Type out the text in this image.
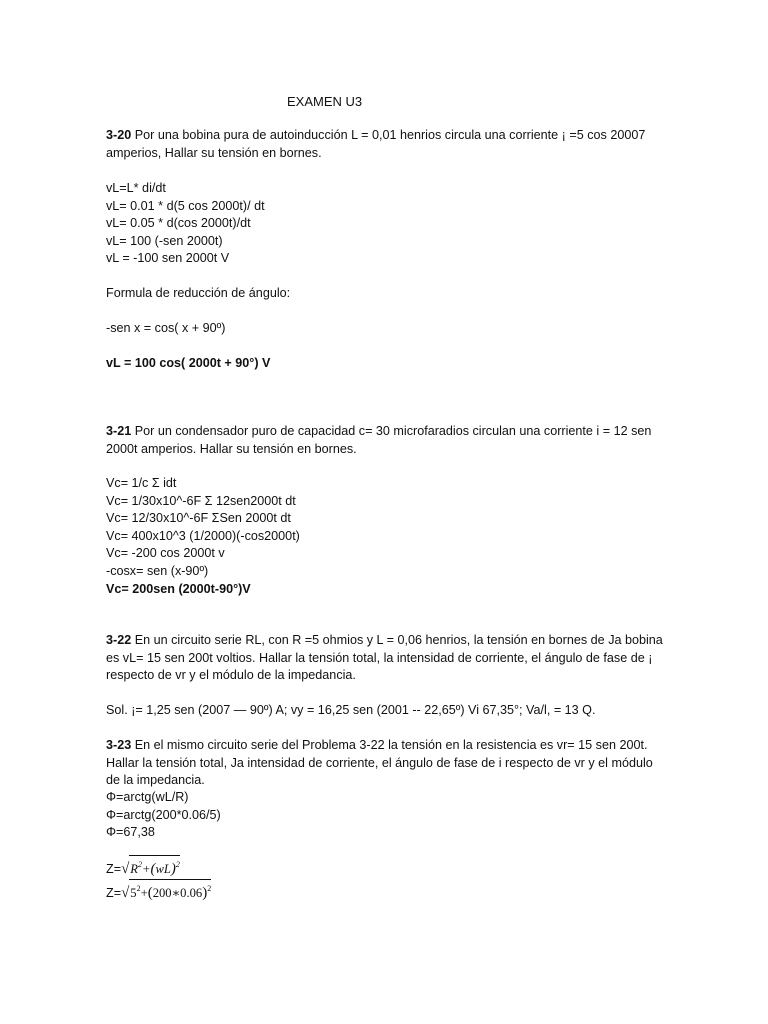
EXAMEN U3
3-20 Por una bobina pura de autoinducción L = 0,01 henrios circula una corriente ¡ =5 cos 20007 amperios, Hallar su tensión en bornes.
vL=L* di/dt
vL= 0.01 * d(5 cos 2000t)/ dt
vL= 0.05 * d(cos 2000t)/dt
vL= 100 (-sen 2000t)
vL = -100 sen 2000t V
Formula de reducción de ángulo:
-sen x = cos( x + 90º)
vL = 100 cos( 2000t + 90°) V
3-21 Por un condensador puro de capacidad c= 30 microfaradios circulan una corriente i = 12 sen 2000t amperios. Hallar su tensión en bornes.
Vc= 1/c Σ idt
Vc= 1/30x10^-6F Σ 12sen2000t dt
Vc= 12/30x10^-6F ΣSen 2000t dt
Vc= 400x10^3 (1/2000)(-cos2000t)
Vc= -200 cos 2000t v
-cosx= sen (x-90º)
Vc= 200sen (2000t-90°)V
3-22 En un circuito serie RL, con R =5 ohmios y L = 0,06 henrios, la tensión en bornes de Ja bobina es vL= 15 sen 200t voltios. Hallar la tensión total, la intensidad de corriente, el ángulo de fase de ¡ respecto de vr y el módulo de la impedancia.
Sol. ¡= 1,25 sen (2007 — 90º) A; vy = 16,25 sen (2001 -- 22,65º) Vi 67,35°; Va/l, = 13 Q.
3-23 En el mismo circuito serie del Problema 3-22 la tensión en la resistencia es vr= 15 sen 200t. Hallar la tensión total, Ja intensidad de corriente, el ángulo de fase de i respecto de vr y el módulo de la impedancia.
Φ=arctg(wL/R)
Φ=arctg(200*0.06/5)
Φ=67,38
$Z=√R^2+(wL)^2$
$Z=√5^2+(200∗0.06)^2$
